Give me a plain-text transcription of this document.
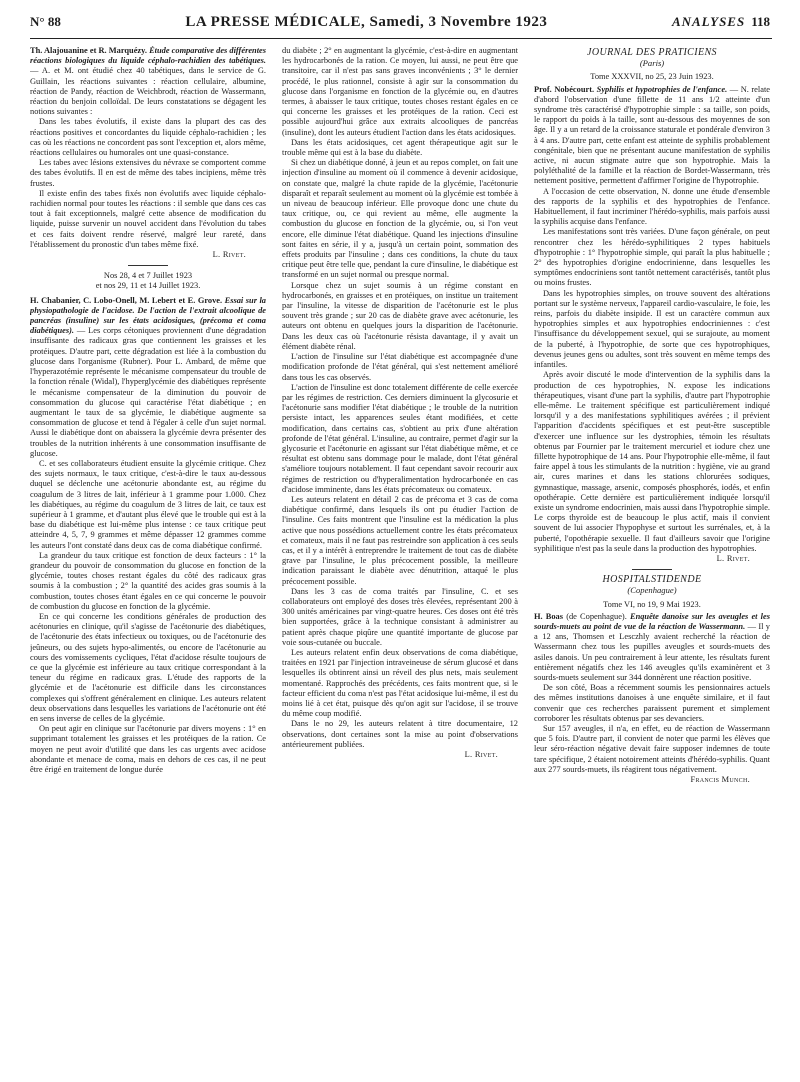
N° 88	LA PRESSE MÉDICALE, Samedi, 3 Novembre 1923	ANALYSES 118

Th. Alajouanine et R. Marquézy. Étude comparative des différentes réactions biologiques du liquide céphalo-rachidien des tabétiques. — A. et M. ont étudié chez 40 tabétiques, dans le service de G. Guillain, les réactions suivantes : réaction cellulaire, albumine, réaction de Pandy, réaction de Weichbrodt, réaction de Wassermann, réaction du benjoin colloïdal. De leurs constatations se dégagent les notions suivantes :

Dans les tabes évolutifs, il existe dans la plupart des cas des réactions positives et concordantes du liquide céphalo-rachidien ; les cas où les réactions ne concordent pas sont l'exception et, alors même, réactions cellulaires ou humorales ont une quasi-constance.

Les tabes avec lésions extensives du névraxe se comportent comme des tabes évolutifs. Il en est de même des tabes incipiens, même très frustes.

Il existe enfin des tabes fixés non évolutifs avec liquide céphalo-rachidien normal pour toutes les réactions : il semble que dans ces cas tout à fait exceptionnels, malgré cette absence de modification du liquide, puisse survenir un nouvel accident dans l'évolution du tabes et ces faits doivent rendre réservé, malgré leur rareté, dans l'établissement du pronostic d'un tabes même fixé.

L. Rivet.

Nos 28, 4 et 7 Juillet 1923

et nos 29, 11 et 14 Juillet 1923.

H. Chabanier, C. Lobo-Onell, M. Lebert et E. Grove. Essai sur la physiopathologie de l'acidose. De l'action de l'extrait alcoolique de pancréas (insuline) sur les états acidosiques, (précoma et coma diabétiques). — Les corps cétoniques proviennent d'une dégradation insuffisante des radicaux gras que contiennent les graisses et les protéiques. D'autre part, cette dégradation est liée à la combustion du glucose dans l'organisme (Rubner). Pour L. Ambard, de même que l'hyperazotémie représente le mécanisme compensateur du trouble de la fonction rénale (Widal), l'hyperglycémie des diabétiques représente le mécanisme compensateur de la diminution du pouvoir de consommation du glucose qui caractérise l'état diabétique ; en augmentant le taux de sa glycémie, le diabétique augmente sa consommation de glucose et tend à l'égaler à celle d'un sujet normal. Aussi le diabétique dont on abaissera la glycémie devra présenter des troubles de la nutrition inhérents à une consommation insuffisante de glucose.

C. et ses collaborateurs étudient ensuite la glycémie critique. Chez des sujets normaux, le taux critique, c'est-à-dire le taux au-dessous duquel se déclenche une acétonurie abondante est, au régime du coagulum de 3 litres de lait, inférieur à 1 gramme pour 1.000. Chez les diabétiques, au régime du coagulum de 3 litres de lait, ce taux est supérieur à 1 gramme, et d'autant plus élevé que le trouble qui est à la base du diabétique est lui-même plus intense : ce taux critique peut atteindre 4, 5, 7, 9 grammes et même dépasser 12 grammes comme les auteurs l'ont constaté dans deux cas de coma diabétique confirmé.

La grandeur du taux critique est fonction de deux facteurs : 1° la grandeur du pouvoir de consommation du glucose en fonction de la glycémie, toutes choses restant égales du côté des radicaux gras soumis à la combustion ; 2° la quantité des acides gras soumis à la combustion, toutes choses étant égales en ce qui concerne le pouvoir de combustion du glucose en fonction de la glycémie.

En ce qui concerne les conditions générales de production des acétonuries en clinique, qu'il s'agisse de l'acétonurie des diabétiques, de l'acétonurie des états infectieux ou toxiques, ou de l'acétonurie des jeûneurs, ou des sujets hypo-alimentés, ou encore de l'acétonurie au cours des vomissements cycliques, l'état d'acidose résulte toujours de ce que la glycémie est inférieure au taux critique correspondant à la teneur du régime en radicaux gras. L'étude des rapports de la glycémie et de l'acétonurie est difficile dans les circonstances complexes qui s'offrent généralement en clinique. Les auteurs relatent deux observations dans lesquelles les variations de l'acétonurie ont été en sens inverse de celles de la glycémie.

On peut agir en clinique sur l'acétonurie par divers moyens : 1° en supprimant totalement les graisses et les protéiques de la ration. Ce moyen ne peut avoir d'utilité que dans les cas urgents avec acidose abondante et menace de coma, mais en dehors de ces cas, il ne peut être érigé en traitement de longue durée

du diabète ; 2° en augmentant la glycémie, c'est-à-dire en augmentant les hydrocarbonés de la ration. Ce moyen, lui aussi, ne peut être que transitoire, car il n'est pas sans graves inconvénients ; 3° le dernier procédé, le plus rationnel, consiste à agir sur la consommation du glucose dans l'organisme en fonction de la glycémie ou, en d'autres termes, à abaisser le taux critique, toutes choses restant égales en ce qui concerne les graisses et les protéiques de la ration. Ceci est possible aujourd'hui grâce aux extraits alcooliques de pancréas (insuline), dont les auteurs étudient l'action dans les états acidosiques.

Dans les états acidosiques, cet agent thérapeutique agit sur le trouble même qui est à la base du diabète.

Si chez un diabétique donné, à jeun et au repos complet, on fait une injection d'insuline au moment où il commence à devenir acidosique, on constate que, malgré la chute rapide de la glycémie, l'acétonurie disparaît et reparaît seulement au moment où la glycémie est tombée à un niveau de beaucoup inférieur. Elle provoque donc une chute du taux critique, ou, ce qui revient au même, elle augmente la combustion du glucose en fonction de la glycémie, ou, si l'on veut encore, elle diminue l'état diabétique. Quand les injections d'insuline sont faites en série, il y a, jusqu'à un certain point, sommation des effets produits par l'insuline ; dans ces conditions, la chute du taux critique peut être telle que, pendant la cure d'insuline, le diabétique est transformé en un sujet normal ou presque normal.

Lorsque chez un sujet soumis à un régime constant en hydrocarbonés, en graisses et en protéiques, on institue un traitement par l'insuline, la vitesse de disparition de l'acétonurie est le plus souvent très grande ; sur 20 cas de diabète grave avec acétonurie, les auteurs ont obtenu en quelques jours la disparition de l'acétonurie. Dans les deux cas où l'acétonurie résista davantage, il y avait un élément diabète rénal.

L'action de l'insuline sur l'état diabétique est accompagnée d'une modification profonde de l'état général, qui s'est nettement amélioré dans tous les cas observés.

L'action de l'insuline est donc totalement différente de celle exercée par les régimes de restriction. Ces derniers diminuent la glycosurie et l'acétonurie sans modifier l'état diabétique ; le trouble de la nutrition persiste intact, les apparences seules étant modifiées, et cette modification, dans certains cas, s'obtient au prix d'une altération profonde de l'état général. L'insuline, au contraire, permet d'agir sur la glycosurie et l'acétonurie en agissant sur l'état diabétique même, et ce résultat est obtenu sans dommage pour le malade, dont l'état général s'améliore toujours notablement. Il faut cependant savoir recourir aux régimes de restriction ou d'hyperalimentation hydrocarbonée en cas d'acidose imminente, dans les états précomateux ou comateux.

Les auteurs relatent en détail 2 cas de précoma et 3 cas de coma diabétique confirmé, dans lesquels ils ont pu étudier l'action de l'insuline. Ces faits montrent que l'insuline est la médication la plus active que nous possédions actuellement contre les états précomateux et comateux, mais il ne faut pas restreindre son application à ces seuls cas, et il y a intérêt à entreprendre le traitement de tout cas de diabète grave par l'insuline, le plus précocement possible, la meilleure indication paraissant le diabète avec dénutrition, attaqué le plus précocement possible.

Dans les 3 cas de coma traités par l'insuline, C. et ses collaborateurs ont employé des doses très élevées, représentant 200 à 300 unités américaines par vingt-quatre heures. Ces doses ont été très bien supportées, grâce à la technique consistant à administrer au patient après chaque piqûre une quantité importante de glucose par voie sous-cutanée ou buccale.

Les auteurs relatent enfin deux observations de coma diabétique, traitées en 1921 par l'injection intraveineuse de sérum glucosé et dans lesquelles ils obtinrent ainsi un réveil des plus nets, mais seulement momentané. Rapprochés des précédents, ces faits montrent que, si le facteur efficient du coma n'est pas l'état acidosique lui-même, il est du moins lié à cet état, puisque dès qu'on agit sur l'acidose, il se trouve du même coup modifié.

Dans le no 29, les auteurs relatent à titre documentaire, 12 observations, dont certaines sont la mise au point d'observations antérieurement publiées.

L. Rivet.

JOURNAL DES PRATICIENS

(Paris)

Tome XXXVII, no 25, 23 Juin 1923.

Prof. Nobécourt. Syphilis et hypotrophies de l'enfance. — N. relate d'abord l'observation d'une fillette de 11 ans 1/2 atteinte d'un syndrome très caractérisé d'hypotrophie simple : sa taille, son poids, le rapport du poids à la taille, sont au-dessous des moyennes de son âge. Il y a un retard de la croissance staturale et pondérale d'environ 3 à 4 ans. D'autre part, cette enfant est atteinte de syphilis probablement congénitale, bien que ne présentant aucune manifestation de syphilis active, ni aucun stigmate autre que son hypotrophie. Mais la polyléthalité de la famille et la réaction de Bordet-Wassermann, très nettement positive, permettent d'affirmer l'origine de l'hypotrophie.

A l'occasion de cette observation, N. donne une étude d'ensemble des rapports de la syphilis et des hypotrophies de l'enfance. Habituellement, il faut incriminer l'hérédo-syphilis, mais parfois aussi la syphilis acquise dans l'enfance.

Les manifestations sont très variées. D'une façon générale, on peut rencontrer chez les hérédo-syphilitiques 2 types habituels d'hypotrophie : 1° l'hypotrophie simple, qui paraît la plus habituelle ; 2° des hypotrophies d'origine endocrinienne, dans lesquelles les symptômes endocriniens sont tantôt nettement caractérisés, tantôt plus ou moins frustes.

Dans les hypotrophies simples, on trouve souvent des altérations portant sur le système nerveux, l'appareil cardio-vasculaire, le foie, les reins, parfois du diabète insipide. Il est un caractère commun aux hypotrophies simples et aux hypotrophies endocriniennes : c'est l'insuffisance du développement sexuel, qui se surajoute, au moment de la puberté, à l'hypotrophie, de sorte que ces hypotrophiques, devenus jeunes gens ou adultes, sont très souvent en même temps des infantiles.

Après avoir discuté le mode d'intervention de la syphilis dans la production de ces hypotrophies, N. expose les indications thérapeutiques, visant d'une part la syphilis, d'autre part l'hypotrophie elle-même. Le traitement spécifique est particulièrement indiqué lorsqu'il y a des manifestations syphilitiques avérées ; il prévient l'apparition d'accidents spécifiques et est peut-être susceptible d'exercer une influence sur les dystrophies, témoin les résultats obtenus par Fournier par le traitement mercuriel et iodure chez une fillette hypotrophique de 14 ans. Pour l'hypotrophie elle-même, il faut faire appel à tous les stimulants de la nutrition : hygiène, vie au grand air, cures marines et dans les stations chlorurées sodiques, gymnastique, massage, arsenic, composés phosphorés, iodés, et enfin opothérapie. Cette dernière est particulièrement indiquée lorsqu'il existe un syndrome endocrinien, mais aussi dans l'hypotrophie simple. Le corps thyroïde est de beaucoup le plus actif, mais il convient souvent de lui associer l'hypophyse et surtout les surrénales, et, à la puberté, l'opothérapie sexuelle. Il faut d'ailleurs savoir que l'origine syphilitique n'est pas la seule dans la production des hypotrophies.

L. Rivet.

HOSPITALSTIDENDE

(Copenhague)

Tome VI, no 19, 9 Mai 1923.

H. Boas (de Copenhague). Enquête danoise sur les aveugles et les sourds-muets au point de vue de la réaction de Wassermann. — Il y a 12 ans, Thomsen et Lesczhly avaient recherché la réaction de Wassermann chez tous les pupilles aveugles et sourds-muets des asiles danois. Un peu contrairement à leur attente, les résultats furent entièrement négatifs chez les 146 aveugles qu'ils examinèrent et 3 sourds-muets seulement sur 344 donnèrent une réaction positive.

De son côté, Boas a récemment soumis les pensionnaires actuels des mêmes institutions danoises à une enquête similaire, et il faut convenir que ces recherches paraissent purement et simplement corroborer les résultats obtenus par ses devanciers.

Sur 157 aveugles, il n'a, en effet, eu de réaction de Wassermann que 5 fois. D'autre part, il convient de noter que parmi les élèves que leur séro-réaction négative devait faire supposer indemnes de toute tare spécifique, 2 étaient notoirement atteints d'hérédo-syphilis. Quant aux 277 sourds-muets, ils réagirent tous négativement.

Francis Munch.
